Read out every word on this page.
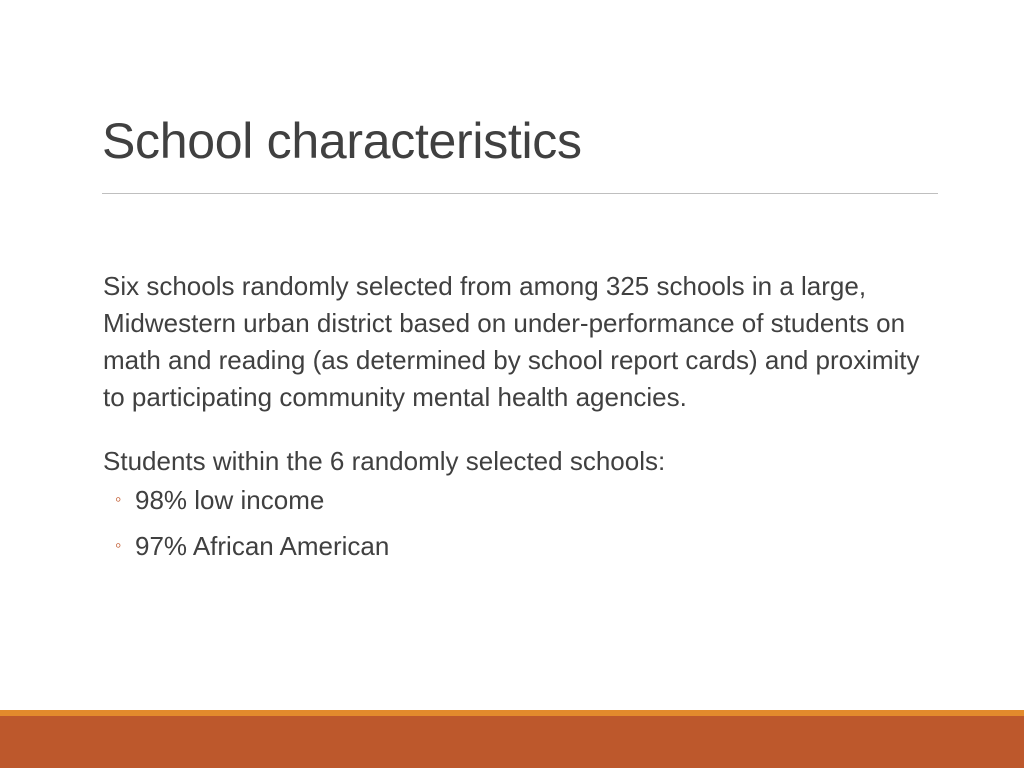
School characteristics

Six schools randomly selected from among 325 schools in a large, Midwestern urban district based on under-performance of students on math and reading (as determined by school report cards) and proximity to participating community mental health agencies.

Students within the 6 randomly selected schools:

◦ 98% low income
◦ 97% African American
